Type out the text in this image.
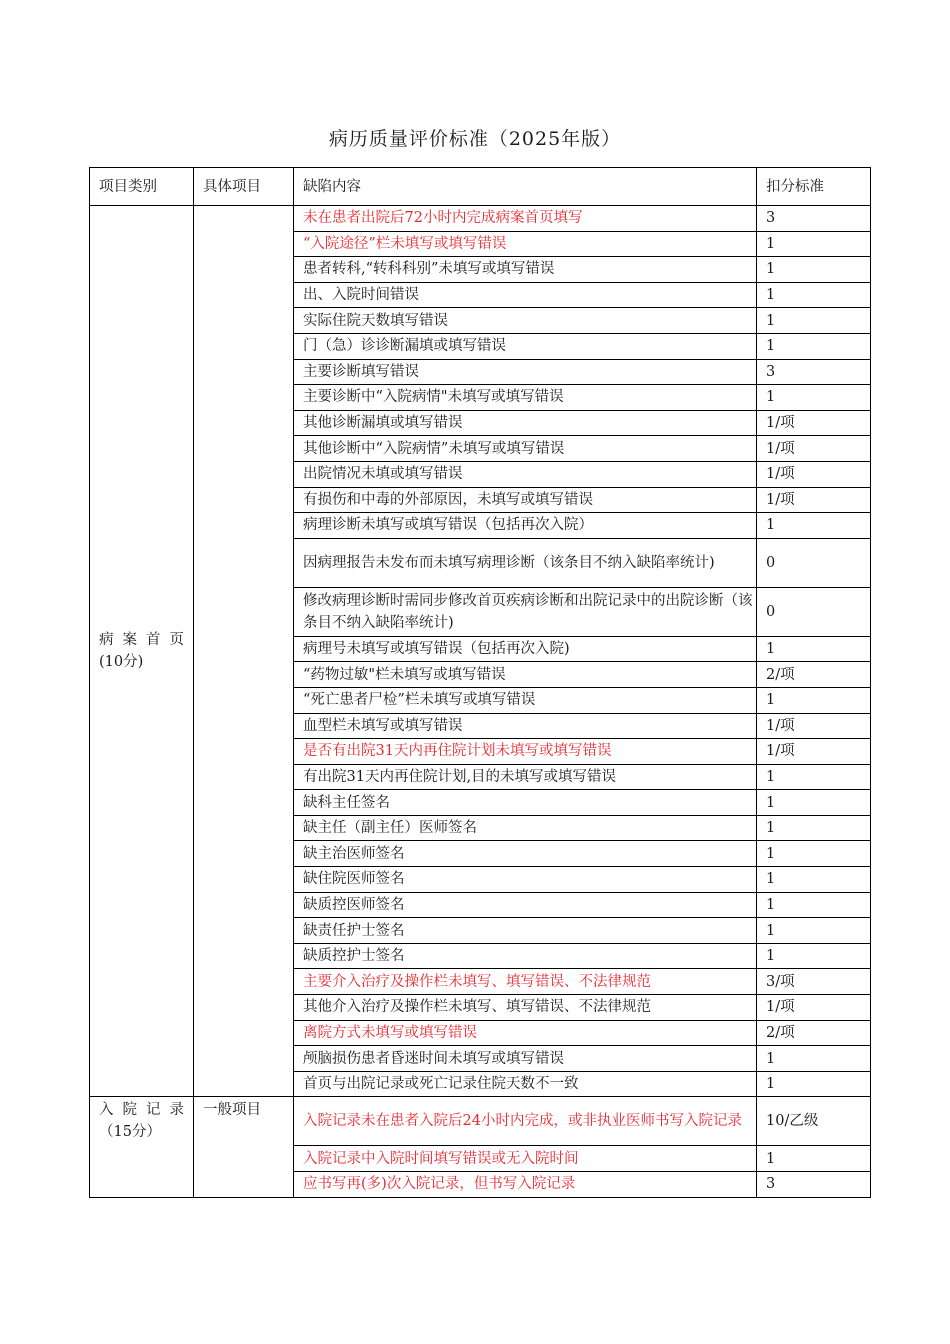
病历质量评价标准（2025年版）
项目类别	具体项目	缺陷内容	扣分标准

病案首页
(10分)		未在患者出院后72小时内完成病案首页填写	3
		“入院途径”栏未填写或填写错误	1
		患者转科,“转科科别”未填写或填写错误	1
		出、入院时间错误	1
		实际住院天数填写错误	1
		门（急）诊诊断漏填或填写错误	1
		主要诊断填写错误	3
		主要诊断中“入院病情"未填写或填写错误	1
		其他诊断漏填或填写错误	1/项
		其他诊断中“入院病情”未填写或填写错误	1/项
		出院情况未填或填写错误	1/项
		有损伤和中毒的外部原因，未填写或填写错误	1/项
		病理诊断未填写或填写错误（包括再次入院）	1
		因病理报告未发布而未填写病理诊断（该条目不纳入缺陷率统计)	0
		修改病理诊断时需同步修改首页疾病诊断和出院记录中的出院诊断（该条目不纳入缺陷率统计)	0
		病理号未填写或填写错误（包括再次入院)	1
		“药物过敏"栏未填写或填写错误	2/项
		“死亡患者尸检”栏未填写或填写错误	1
		血型栏未填写或填写错误	1/项
		是否有出院31天内再住院计划未填写或填写错误	1/项
		有出院31天内再住院计划,目的未填写或填写错误	1
		缺科主任签名	1
		缺主任（副主任）医师签名	1
		缺主治医师签名	1
		缺住院医师签名	1
		缺质控医师签名	1
		缺责任护士签名	1
		缺质控护士签名	1
		主要介入治疗及操作栏未填写、填写错误、不法律规范	3/项
		其他介入治疗及操作栏未填写、填写错误、不法律规范	1/项
		离院方式未填写或填写错误	2/项
		颅脑损伤患者昏迷时间未填写或填写错误	1
		首页与出院记录或死亡记录住院天数不一致	1

入院记录
（15分）	一般项目	入院记录未在患者入院后24小时内完成，或非执业医师书写入院记录	10/乙级
		入院记录中入院时间填写错误或无入院时间	1
		应书写再(多)次入院记录，但书写入院记录	3
